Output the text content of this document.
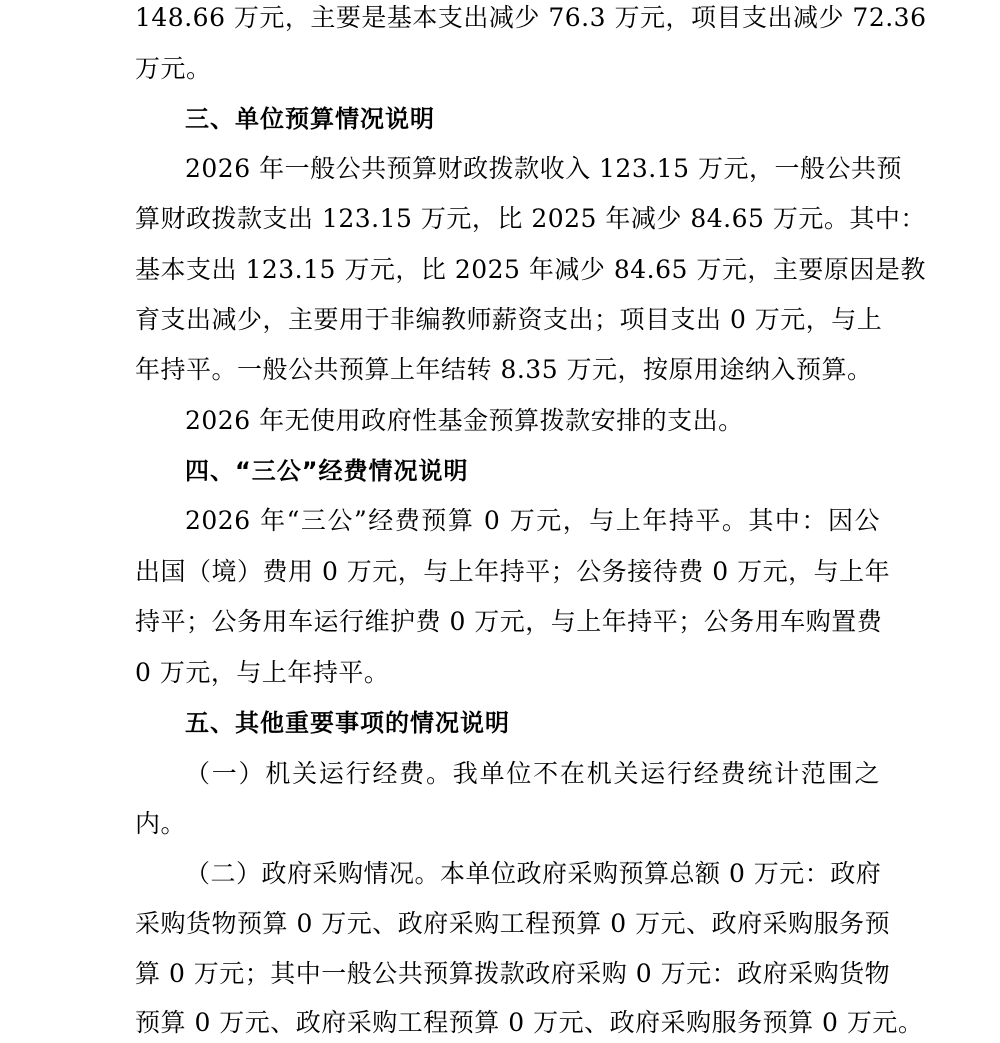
148.66 万元，主要是基本支出减少 76.3 万元，项目支出减少 72.36
万元。
三、单位预算情况说明
2026 年一般公共预算财政拨款收入 123.15 万元，一般公共预
算财政拨款支出 123.15 万元，比 2025 年减少 84.65 万元。其中：
基本支出 123.15 万元，比 2025 年减少 84.65 万元，主要原因是教
育支出减少，主要用于非编教师薪资支出；项目支出 0 万元，与上
年持平。一般公共预算上年结转 8.35 万元，按原用途纳入预算。
2026 年无使用政府性基金预算拨款安排的支出。
四、“三公”经费情况说明
2026 年“三公”经费预算 0 万元，与上年持平。其中：因公
出国（境）费用 0 万元，与上年持平；公务接待费 0 万元，与上年
持平；公务用车运行维护费 0 万元，与上年持平；公务用车购置费
0 万元，与上年持平。
五、其他重要事项的情况说明
（一）机关运行经费。我单位不在机关运行经费统计范围之
内。
（二）政府采购情况。本单位政府采购预算总额 0 万元：政府
采购货物预算 0 万元、政府采购工程预算 0 万元、政府采购服务预
算 0 万元；其中一般公共预算拨款政府采购 0 万元：政府采购货物
预算 0 万元、政府采购工程预算 0 万元、政府采购服务预算 0 万元。
